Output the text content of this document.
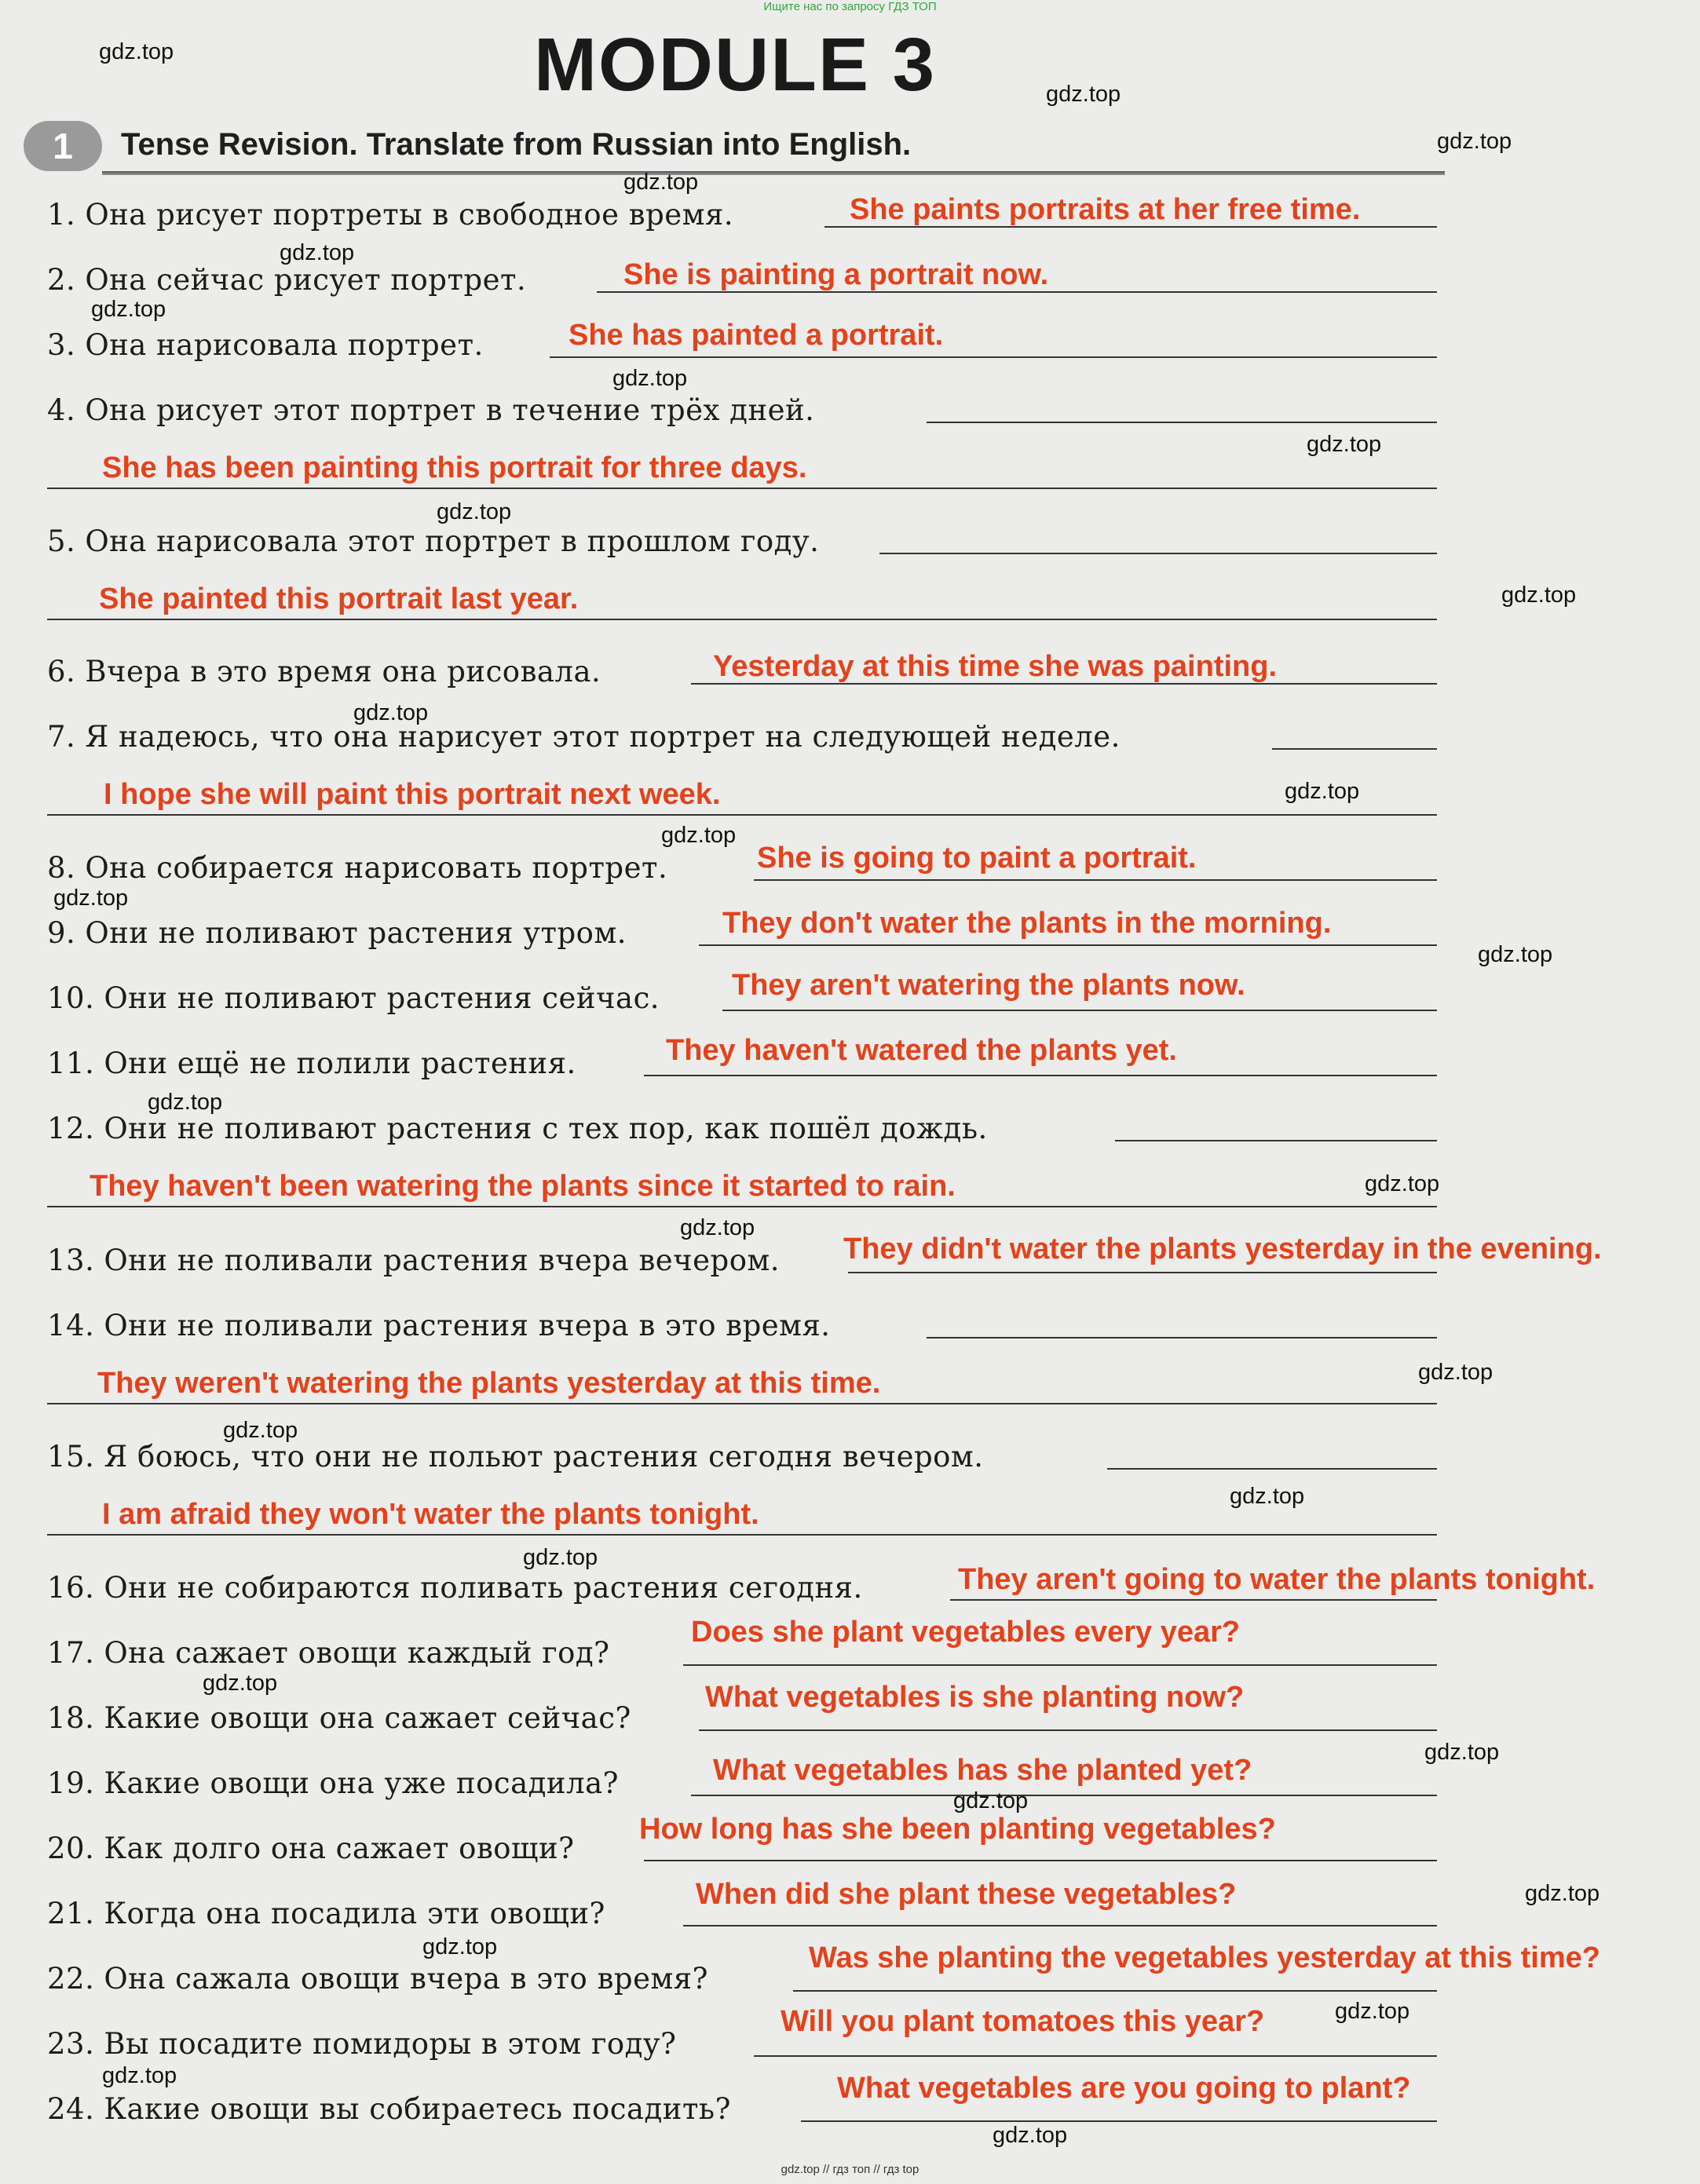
Ищите нас по запросу ГДЗ ТОП
MODULE 3
1	Tense Revision. Translate from Russian into English.
1. Она рисует портреты в свободное время.	She paints portraits at her free time.
2. Она сейчас рисует портрет.	She is painting a portrait now.
3. Она нарисовала портрет.	She has painted a portrait.
4. Она рисует этот портрет в течение трёх дней.
She has been painting this portrait for three days.
5. Она нарисовала этот портрет в прошлом году.
She painted this portrait last year.
6. Вчера в это время она рисовала.	Yesterday at this time she was painting.
7. Я надеюсь, что она нарисует этот портрет на следующей неделе.
I hope she will paint this portrait next week.
8. Она собирается нарисовать портрет.	She is going to paint a portrait.
9. Они не поливают растения утром.	They don't water the plants in the morning.
10. Они не поливают растения сейчас. They aren't watering the plants now.
11. Они ещё не полили растения.	They haven't watered the plants yet.
12. Они не поливают растения с тех пор, как пошёл дождь.
They haven't been watering the plants since it started to rain.
13. Они не поливали растения вчера вечером. They didn't water the plants yesterday in the evening.
14. Они не поливали растения вчера в это время.
They weren't watering the plants yesterday at this time.
15. Я боюсь, что они не польют растения сегодня вечером.
I am afraid they won't water the plants tonight.
16. Они не собираются поливать растения сегодня.	They aren't going to water the plants tonight.
17. Она сажает овощи каждый год?
Does she plant vegetables every year?
18. Какие овощи она сажает сейчас?
What vegetables is she planting now?
19. Какие овощи она уже посадила?	What vegetables has she planted yet?
20. Как долго она сажает овощи?
How long has she been planting vegetables?
21. Когда она посадила эти овощи?
When did she plant these vegetables?
22. Она сажала овощи вчера в это время?
Was she planting the vegetables yesterday at this time?
23. Вы посадите помидоры в этом году?
Will you plant tomatoes this year?
24. Какие овощи вы собираетесь посадить?
What vegetables are you going to plant?
gdz.top
gdz.top
gdz.top
gdz.top
gdz.top
gdz.top
gdz.top
gdz.top
gdz.top
gdz.top
gdz.top
gdz.top
gdz.top
gdz.top
gdz.top
gdz.top
gdz.top
gdz.top
gdz.top
gdz.top
gdz.top
gdz.top
gdz.top
gdz.top
gdz.top
gdz.top
gdz.top
gdz.top
gdz.top
gdz.top
gdz.top // гдз топ // гдз top
